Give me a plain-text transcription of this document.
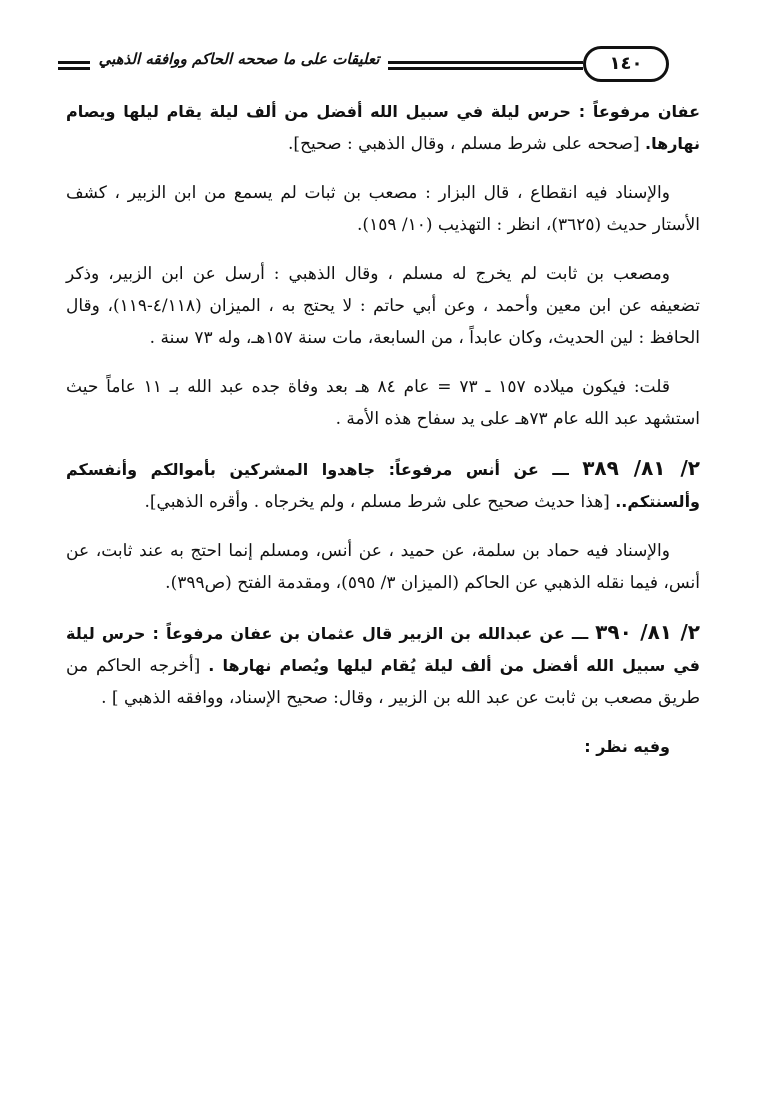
تعليقات على ما صححه الحاكم ووافقه الذهبي	١٤٠

عفان مرفوعاً : حرس ليلة في سبيل الله أفضل من ألف ليلة يقام ليلها ويصام نهارها. [صححه على شرط مسلم ، وقال الذهبي : صحيح].

والإسناد فيه انقطاع ، قال البزار : مصعب بن ثبات لم يسمع من ابن الزبير ، كشف الأستار حديث (٣٦٢٥)، انظر : التهذيب (١٠/ ١٥٩).

ومصعب بن ثابت لم يخرج له مسلم ، وقال الذهبي : أرسل عن ابن الزبير، وذكر تضعيفه عن ابن معين وأحمد ، وعن أبي حاتم : لا يحتج به ، الميزان (٤/١١٨-١١٩)، وقال الحافظ : لين الحديث، وكان عابداً ، من السابعة، مات سنة ١٥٧هـ، وله ٧٣ سنة .

قلت: فيكون ميلاده ١٥٧ ـ ٧٣ = عام ٨٤ هـ بعد وفاة جده عبد الله بـ ١١ عاماً حيث استشهد عبد الله عام ٧٣هـ على يد سفاح هذه الأمة .

٢/ ٨١/ ٣٨٩ ـــ عن أنس مرفوعاً: جاهدوا المشركين بأموالكم وأنفسكم وألسنتكم.. [هذا حديث صحيح على شرط مسلم ، ولم يخرجاه . وأقره الذهبي].

والإسناد فيه حماد بن سلمة، عن حميد ، عن أنس، ومسلم إنما احتج به عند ثابت، عن أنس، فيما نقله الذهبي عن الحاكم (الميزان ٣/ ٥٩٥)، ومقدمة الفتح (ص٣٩٩).

٢/ ٨١/ ٣٩٠ ـــ عن عبدالله بن الزبير قال عثمان بن عفان مرفوعاً : حرس ليلة في سبيل الله أفضل من ألف ليلة يُقام ليلها ويُصام نهارها . [أخرجه الحاكم من طريق مصعب بن ثابت عن عبد الله بن الزبير ، وقال: صحيح الإسناد، ووافقه الذهبي ] .

وفيه نظر :
